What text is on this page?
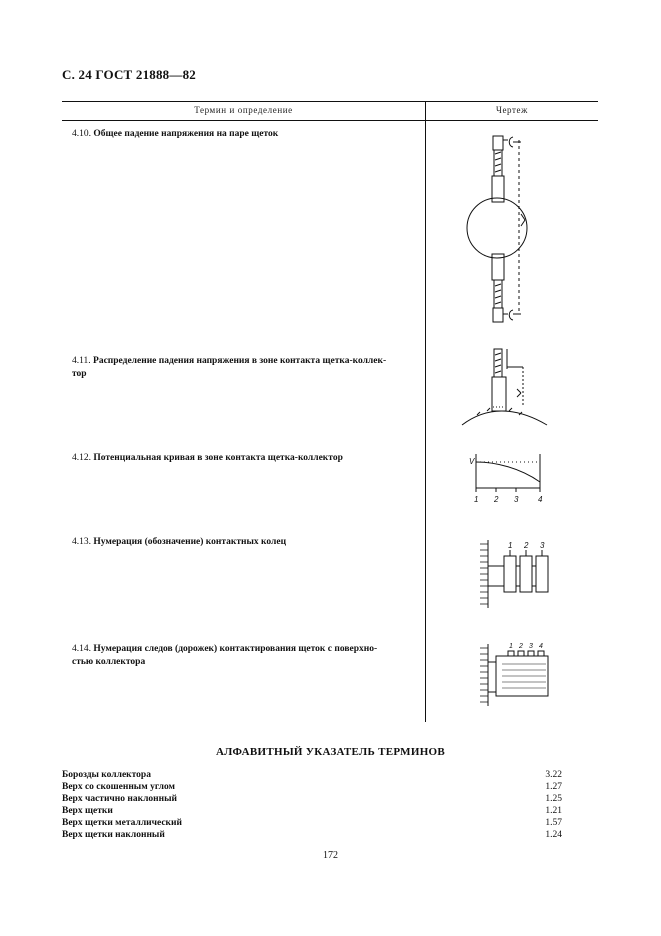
С. 24 ГОСТ 21888—82
Термин и определение	Чертеж
4.10. Общее падение напряжения на паре щеток
4.11. Распределение падения напряжения в зоне контакта щетка-коллек-
тор
4.12. Потенциальная кривая в зоне контакта щетка-коллектор
4.13. Нумерация (обозначение) контактных колец
4.14. Нумерация следов (дорожек) контактирования щеток с поверхно-
стью коллектора
V
1 2 3 4
1 2 3
1 2 3 4
АЛФАВИТНЫЙ УКАЗАТЕЛЬ ТЕРМИНОВ
Борозды коллектора	3.22
Верх со скошенным углом	1.27
Верх частично наклонный	1.25
Верх щетки	1.21
Верх щетки металлический	1.57
Верх щетки наклонный	1.24
172
